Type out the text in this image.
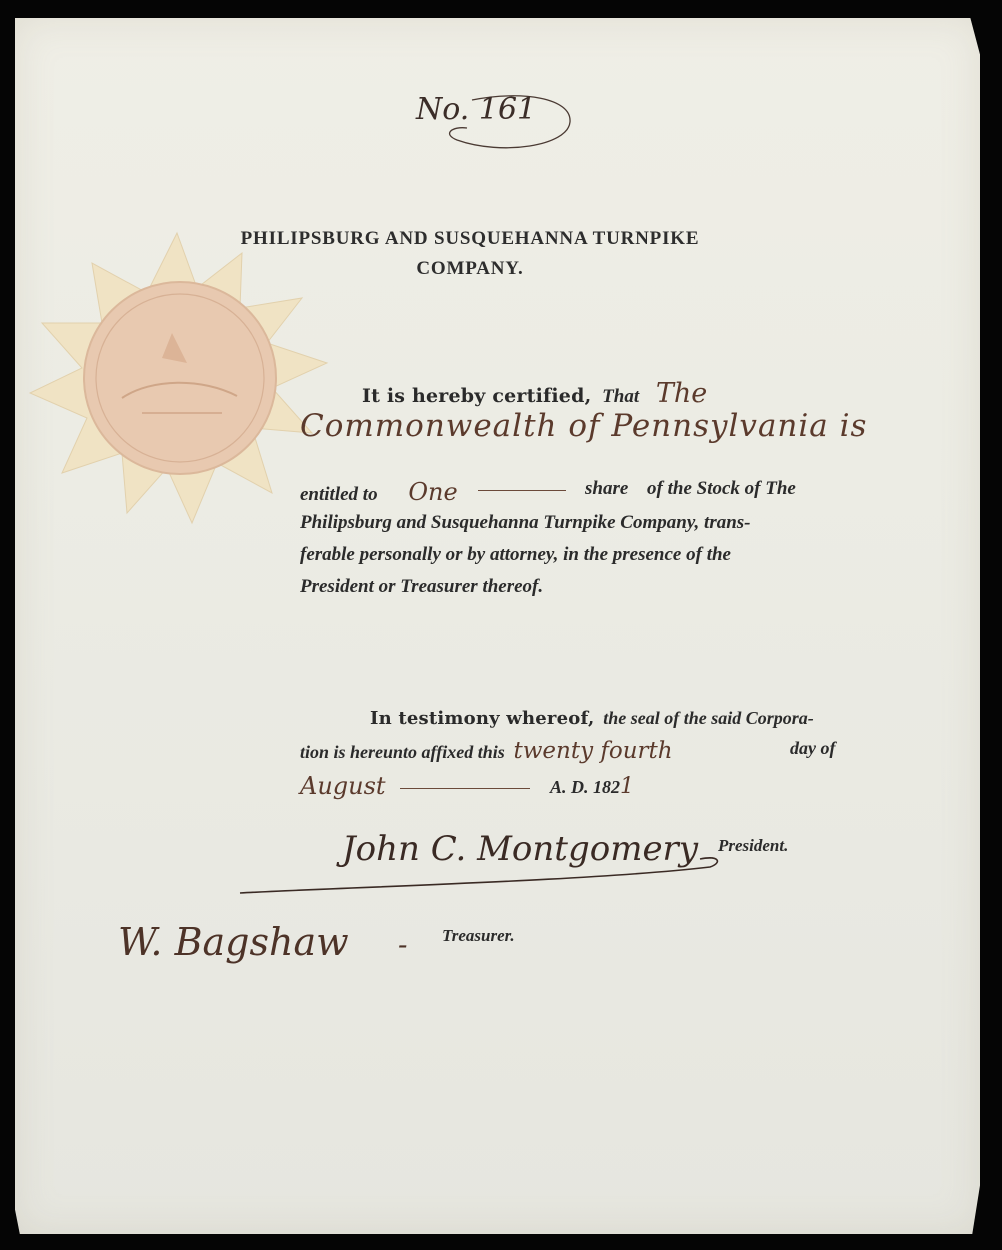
No. 161
PHILIPSBURG AND SUSQUEHANNA TURNPIKE
COMPANY.
It is hereby certified, That The
Commonwealth of Pennsylvania is
entitled to One	share of the Stock of The
Philipsburg and Susquehanna Turnpike Company, trans-
ferable personally or by attorney, in the presence of the
President or Treasurer thereof.
In testimony whereof, the seal of the said Corpora-
tion is hereunto affixed this twenty fourth	day of
August	A. D. 1821
John C. Montgomery President.
W. Bagshaw - Treasurer.
